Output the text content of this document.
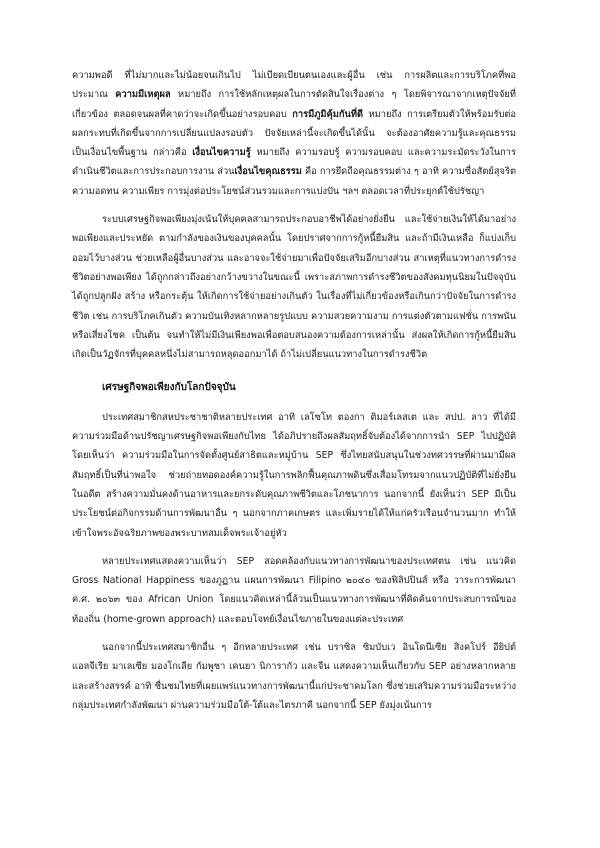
ความพอดี ที่ไม่มากและไม่น้อยจนเกินไป ไม่เบียดเบียนตนเองและผู้อื่น เช่น การผลิตและการบริโภคที่พอประมาณ ความมีเหตุผล หมายถึง การใช้หลักเหตุผลในการตัดสินใจเรื่องต่าง ๆ โดยพิจารณาจากเหตุปัจจัยที่เกี่ยวข้อง ตลอดจนผลที่คาดว่าจะเกิดขึ้นอย่างรอบคอบ การมีภูมิคุ้มกันที่ดี หมายถึง การเตรียมตัวให้พร้อมรับต่อผลกระทบที่เกิดขึ้นจากการเปลี่ยนแปลงรอบตัว ปัจจัยเหล่านี้จะเกิดขึ้นได้นั้น จะต้องอาศัยความรู้และคุณธรรม เป็นเงื่อนไขพื้นฐาน กล่าวคือ เงื่อนไขความรู้ หมายถึง ความรอบรู้ ความรอบคอบ และความระมัดระวังในการดำเนินชีวิตและการประกอบการงาน ส่วนเงื่อนไขคุณธรรม คือ การยึดถือคุณธรรมต่าง ๆ อาทิ ความซื่อสัตย์สุจริต ความอดทน ความเพียร การมุ่งต่อประโยชน์ส่วนรวมและการแบ่งปัน ฯลฯ ตลอดเวลาที่ประยุกต์ใช้ปรัชญา

ระบบเศรษฐกิจพอเพียงมุ่งเน้นให้บุคคลสามารถประกอบอาชีพได้อย่างยั่งยืน และใช้จ่ายเงินให้ได้มาอย่างพอเพียงและประหยัด ตามกำลังของเงินของบุคคลนั้น โดยปราศจากการกู้หนี้ยืมสิน และถ้ามีเงินเหลือ ก็แบ่งเก็บออมไว้บางส่วน ช่วยเหลือผู้อื่นบางส่วน และอาจจะใช้จ่ายมาเพื่อปัจจัยเสริมอีกบางส่วน สาเหตุที่แนวทางการดำรงชีวิตอย่างพอเพียง ได้ถูกกล่าวถึงอย่างกว้างขวางในขณะนี้ เพราะสภาพการดำรงชีวิตของสังคมทุนนิยมในปัจจุบันได้ถูกปลูกฝัง สร้าง หรือกระตุ้น ให้เกิดการใช้จ่ายอย่างเกินตัว ในเรื่องที่ไม่เกี่ยวข้องหรือเกินกว่าปัจจัยในการดำรงชีวิต เช่น การบริโภคเกินตัว ความบันเทิงหลากหลายรูปแบบ ความสวยความงาม การแต่งตัวตามแฟชั่น การพนันหรือเสี่ยงโชค เป็นต้น จนทำให้ไม่มีเงินเพียงพอเพื่อตอบสนองความต้องการเหล่านั้น ส่งผลให้เกิดการกู้หนี้ยืมสิน เกิดเป็นวัฏจักรที่บุคคลหนึ่งไม่สามารถหลุดออกมาได้ ถ้าไม่เปลี่ยนแนวทางในการดำรงชีวิต

เศรษฐกิจพอเพียงกับโลกปัจจุบัน

ประเทศสมาชิกสหประชาชาติหลายประเทศ อาทิ เลโซโท ตองกา ติมอร์เลสเต และ สปป. ลาว ที่ได้มีความร่วมมือด้านปรัชญาเศรษฐกิจพอเพียงกับไทย ได้อภิปรายถึงผลสัมฤทธิ์จับต้องได้จากการนำ SEP ไปปฏิบัติ โดยเห็นว่า ความร่วมมือในการจัดตั้งศูนย์สาธิตและหมู่บ้าน SEP ซึ่งไทยสนับสนุนในช่วงทศวรรษที่ผ่านมามีผลสัมฤทธิ์เป็นที่น่าพอใจ ช่วยถ่ายทอดองค์ความรู้ในการพลิกฟื้นคุณภาพดินซึ่งเสื่อมโทรมจากแนวปฏิบัติที่ไม่ยั่งยืนในอดีต สร้างความมั่นคงด้านอาหารและยกระดับคุณภาพชีวิตและโภชนาการ นอกจากนี้ ยังเห็นว่า SEP มีเป็นประโยชน์ต่อกิจกรรมด้านการพัฒนาอื่น ๆ นอกจากภาคเกษตร และเพิ่มรายได้ให้แก่ครัวเรือนจำนวนมาก ทำให้เข้าใจพระอัจฉริยภาพของพระบาทสมเด็จพระเจ้าอยู่หัว

หลายประเทศแสดงความเห็นว่า SEP สอดคล้องกับแนวทางการพัฒนาของประเทศตน เช่น แนวคิด Gross National Happiness ของภูฏาน แผนการพัฒนา Filipino ๒๐๔๐ ของฟิลิปปินส์ หรือ วาระการพัฒนา ค.ศ. ๒๐๖๓ ของ African Union โดยแนวคิดเหล่านี้ล้วนเป็นแนวทางการพัฒนาที่คิดค้นจากประสบการณ์ของท้องถิ่น (home-grown approach) และตอบโจทย์เงื่อนไขภายในของแต่ละประเทศ

นอกจากนี้ประเทศสมาชิกอื่น ๆ อีกหลายประเทศ เช่น บราซิล ซิมบับเว อินโดนีเซีย สิงคโปร์ อียิปต์ แอลจีเรีย มาเลเซีย มองโกเลีย กัมพูชา เคนยา นิการากัว และจีน แสดงความเห็นเกี่ยวกับ SEP อย่างหลากหลายและสร้างสรรค์ อาทิ ชื่นชมไทยที่เผยแพร่แนวทางการพัฒนานี้แก่ประชาคมโลก ซึ่งช่วยเสริมความร่วมมือระหว่างกลุ่มประเทศกำลังพัฒนา ผ่านความร่วมมือใต้-ใต้และไตรภาคี นอกจากนี้ SEP ยังมุ่งเน้นการ
